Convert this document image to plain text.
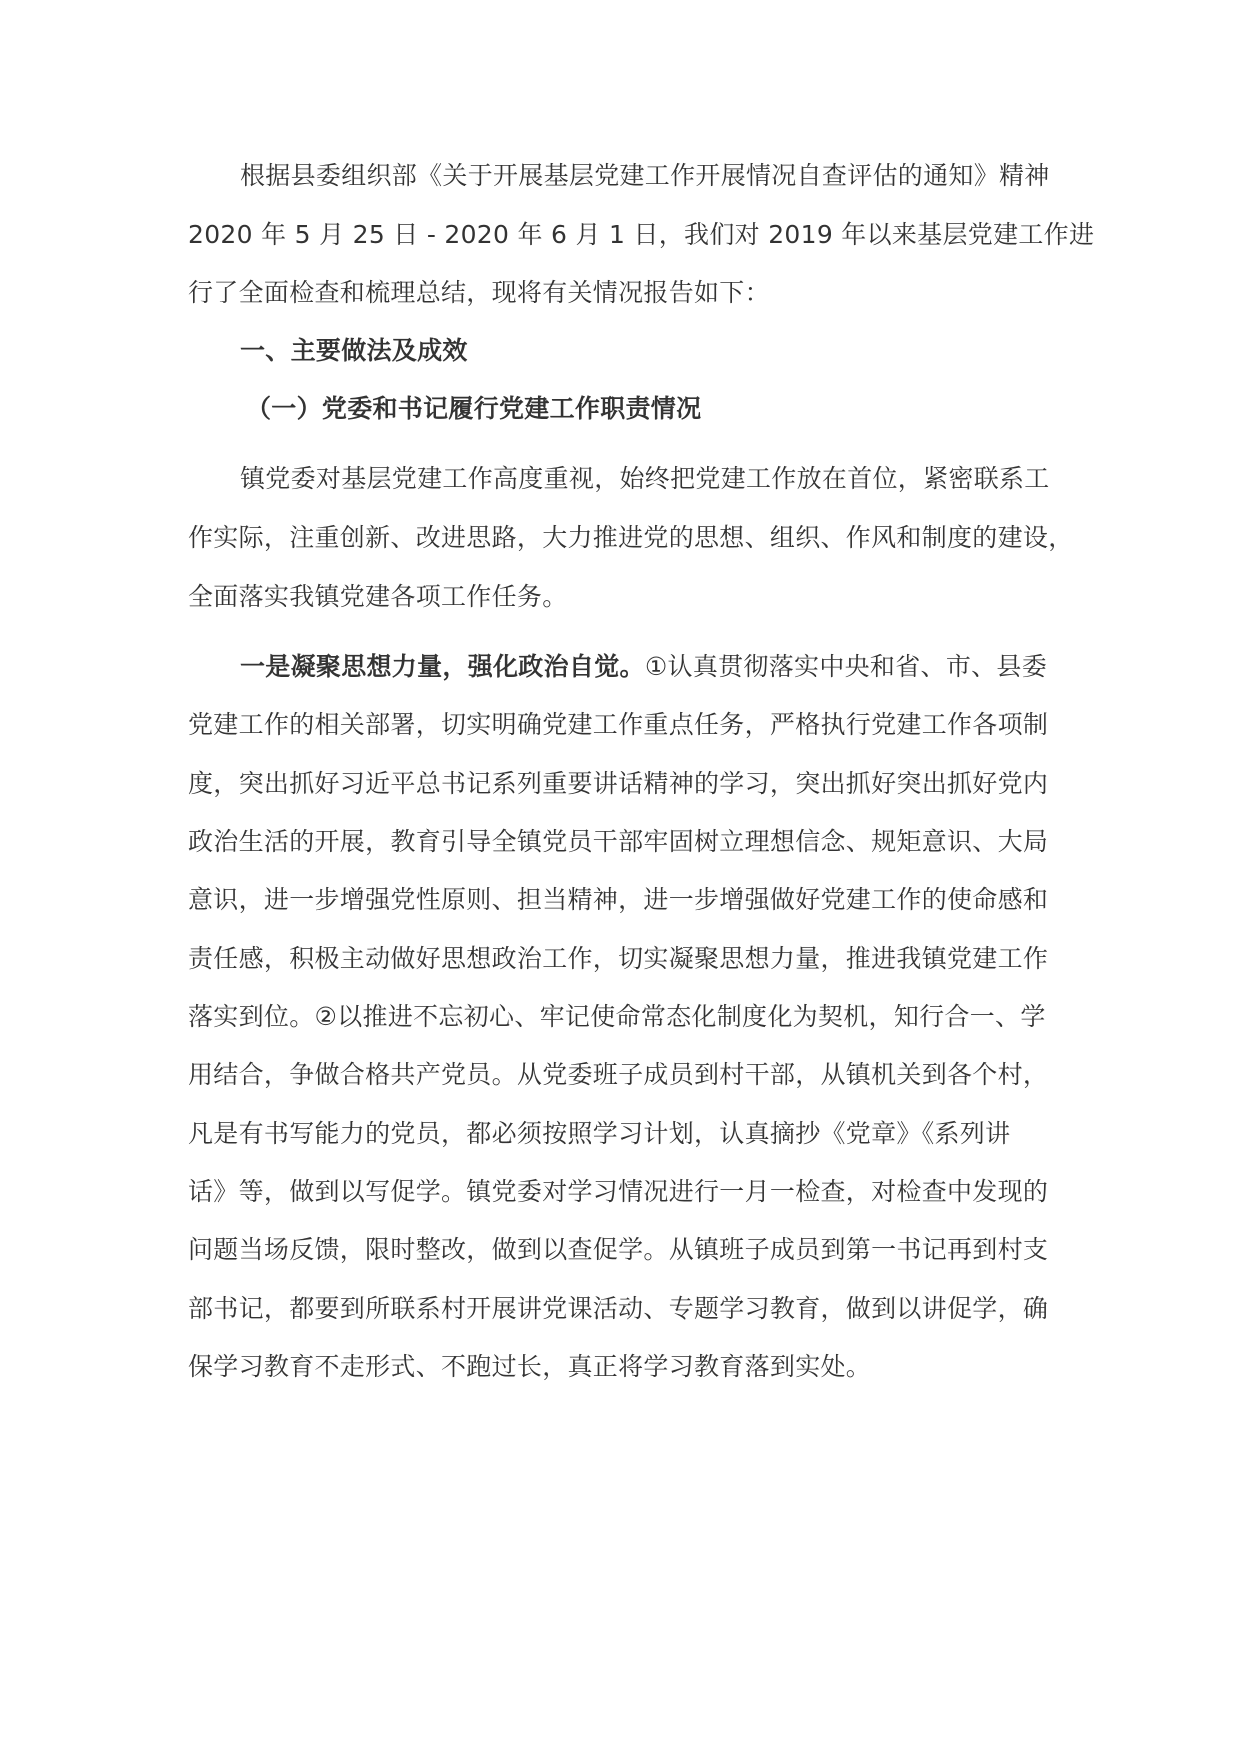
根据县委组织部《关于开展基层党建工作开展情况自查评估的通知》精神
2020 年 5 月 25 日 - 2020 年 6 月 1 日，我们对 2019 年以来基层党建工作进
行了全面检查和梳理总结，现将有关情况报告如下：
一、主要做法及成效
（一）党委和书记履行党建工作职责情况
镇党委对基层党建工作高度重视，始终把党建工作放在首位，紧密联系工
作实际，注重创新、改进思路，大力推进党的思想、组织、作风和制度的建设，
全面落实我镇党建各项工作任务。
一是凝聚思想力量，强化政治自觉。①认真贯彻落实中央和省、市、县委
党建工作的相关部署，切实明确党建工作重点任务，严格执行党建工作各项制
度，突出抓好习近平总书记系列重要讲话精神的学习，突出抓好突出抓好党内
政治生活的开展，教育引导全镇党员干部牢固树立理想信念、规矩意识、大局
意识，进一步增强党性原则、担当精神，进一步增强做好党建工作的使命感和
责任感，积极主动做好思想政治工作，切实凝聚思想力量，推进我镇党建工作
落实到位。②以推进不忘初心、牢记使命常态化制度化为契机，知行合一、学
用结合，争做合格共产党员。从党委班子成员到村干部，从镇机关到各个村，
凡是有书写能力的党员，都必须按照学习计划，认真摘抄《党章》《系列讲
话》等，做到以写促学。镇党委对学习情况进行一月一检查，对检查中发现的
问题当场反馈，限时整改，做到以查促学。从镇班子成员到第一书记再到村支
部书记，都要到所联系村开展讲党课活动、专题学习教育，做到以讲促学，确
保学习教育不走形式、不跑过长，真正将学习教育落到实处。
